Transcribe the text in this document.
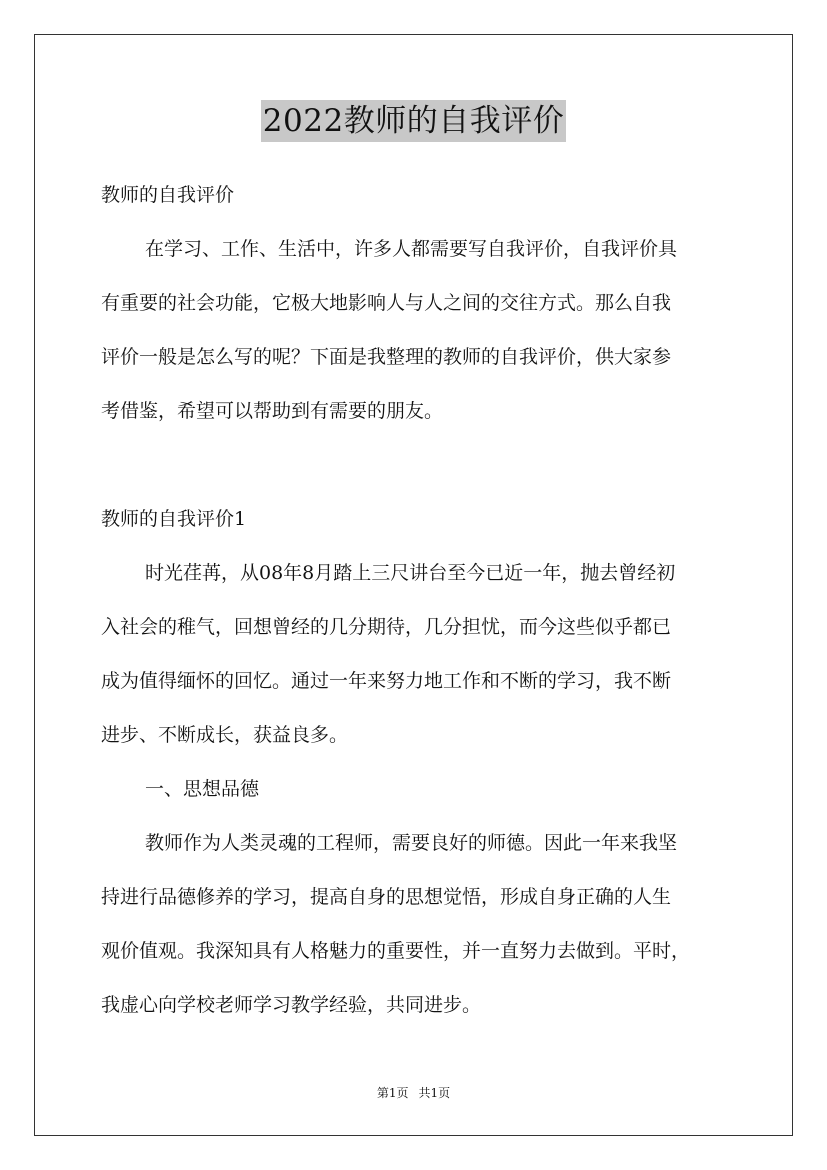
2022教师的自我评价
教师的自我评价
在学习、工作、生活中，许多人都需要写自我评价，自我评价具
有重要的社会功能，它极大地影响人与人之间的交往方式。那么自我
评价一般是怎么写的呢？下面是我整理的教师的自我评价，供大家参
考借鉴，希望可以帮助到有需要的朋友。
教师的自我评价1
时光荏苒，从08年8月踏上三尺讲台至今已近一年，抛去曾经初
入社会的稚气，回想曾经的几分期待，几分担忧，而今这些似乎都已
成为值得缅怀的回忆。通过一年来努力地工作和不断的学习，我不断
进步、不断成长，获益良多。
一、思想品德
教师作为人类灵魂的工程师，需要良好的师德。因此一年来我坚
持进行品德修养的学习，提高自身的思想觉悟，形成自身正确的人生
观价值观。我深知具有人格魅力的重要性，并一直努力去做到。平时，
我虚心向学校老师学习教学经验，共同进步。
第1页 共1页
